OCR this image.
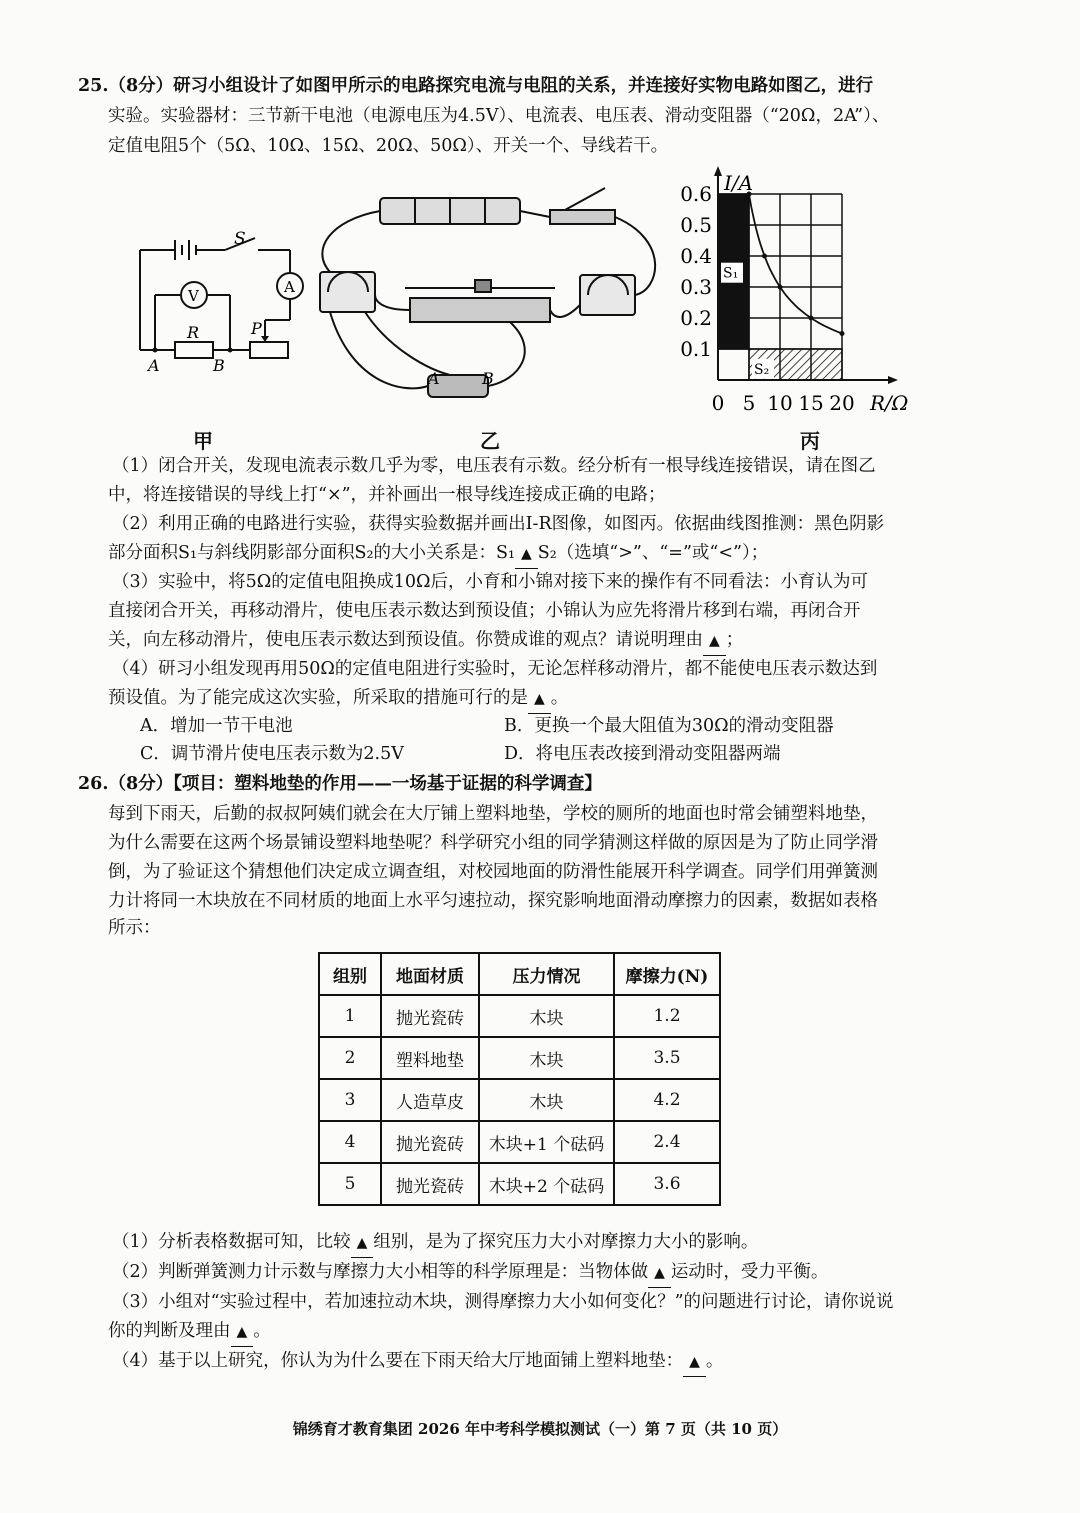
25.（8分）研习小组设计了如图甲所示的电路探究电流与电阻的关系，并连接好实物电路如图乙，进行
实验。实验器材：三节新干电池（电源电压为4.5V）、电流表、电压表、滑动变阻器（“20Ω，2A”）、
定值电阻5个（5Ω、10Ω、15Ω、20Ω、50Ω）、开关一个、导线若干。
S
A
V
R	P
A	B
A	B
S₁
S₂
I/A
R/Ω
0 5 10 15 20
0.1
0.2
0.3
0.4
0.5
0.6
甲	乙	丙
（1）闭合开关，发现电流表示数几乎为零，电压表有示数。经分析有一根导线连接错误，请在图乙
中，将连接错误的导线上打“×”，并补画出一根导线连接成正确的电路；
（2）利用正确的电路进行实验，获得实验数据并画出I-R图像，如图丙。依据曲线图推测：黑色阴影
部分面积S₁与斜线阴影部分面积S₂的大小关系是：S₁ ▲ S₂（选填“>”、“=”或“<”）；
（3）实验中，将5Ω的定值电阻换成10Ω后，小育和小锦对接下来的操作有不同看法：小育认为可
直接闭合开关，再移动滑片，使电压表示数达到预设值；小锦认为应先将滑片移到右端，再闭合开
关，向左移动滑片，使电压表示数达到预设值。你赞成谁的观点？请说明理由 ▲ ；
（4）研习小组发现再用50Ω的定值电阻进行实验时，无论怎样移动滑片，都不能使电压表示数达到
预设值。为了能完成这次实验，所采取的措施可行的是 ▲ 。
A．增加一节干电池	B．更换一个最大阻值为30Ω的滑动变阻器
C．调节滑片使电压表示数为2.5V	D．将电压表改接到滑动变阻器两端
26.（8分）【项目：塑料地垫的作用——一场基于证据的科学调查】
每到下雨天，后勤的叔叔阿姨们就会在大厅铺上塑料地垫，学校的厕所的地面也时常会铺塑料地垫，
为什么需要在这两个场景铺设塑料地垫呢？科学研究小组的同学猜测这样做的原因是为了防止同学滑
倒，为了验证这个猜想他们决定成立调查组，对校园地面的防滑性能展开科学调查。同学们用弹簧测
力计将同一木块放在不同材质的地面上水平匀速拉动，探究影响地面滑动摩擦力的因素，数据如表格
所示：
组别	地面材质	压力情况	摩擦力(N)
1	抛光瓷砖	木块	1.2
2	塑料地垫	木块	3.5
3	人造草皮	木块	4.2
4	抛光瓷砖	木块+1 个砝码	2.4
5	抛光瓷砖	木块+2 个砝码	3.6
（1）分析表格数据可知，比较 ▲ 组别，是为了探究压力大小对摩擦力大小的影响。
（2）判断弹簧测力计示数与摩擦力大小相等的科学原理是：当物体做 ▲ 运动时，受力平衡。
（3）小组对“实验过程中，若加速拉动木块，测得摩擦力大小如何变化？”的问题进行讨论，请你说说
你的判断及理由 ▲ 。
（4）基于以上研究，你认为为什么要在下雨天给大厅地面铺上塑料地垫： ▲ 。
锦绣育才教育集团 2026 年中考科学模拟测试（一）第 7 页（共 10 页）
